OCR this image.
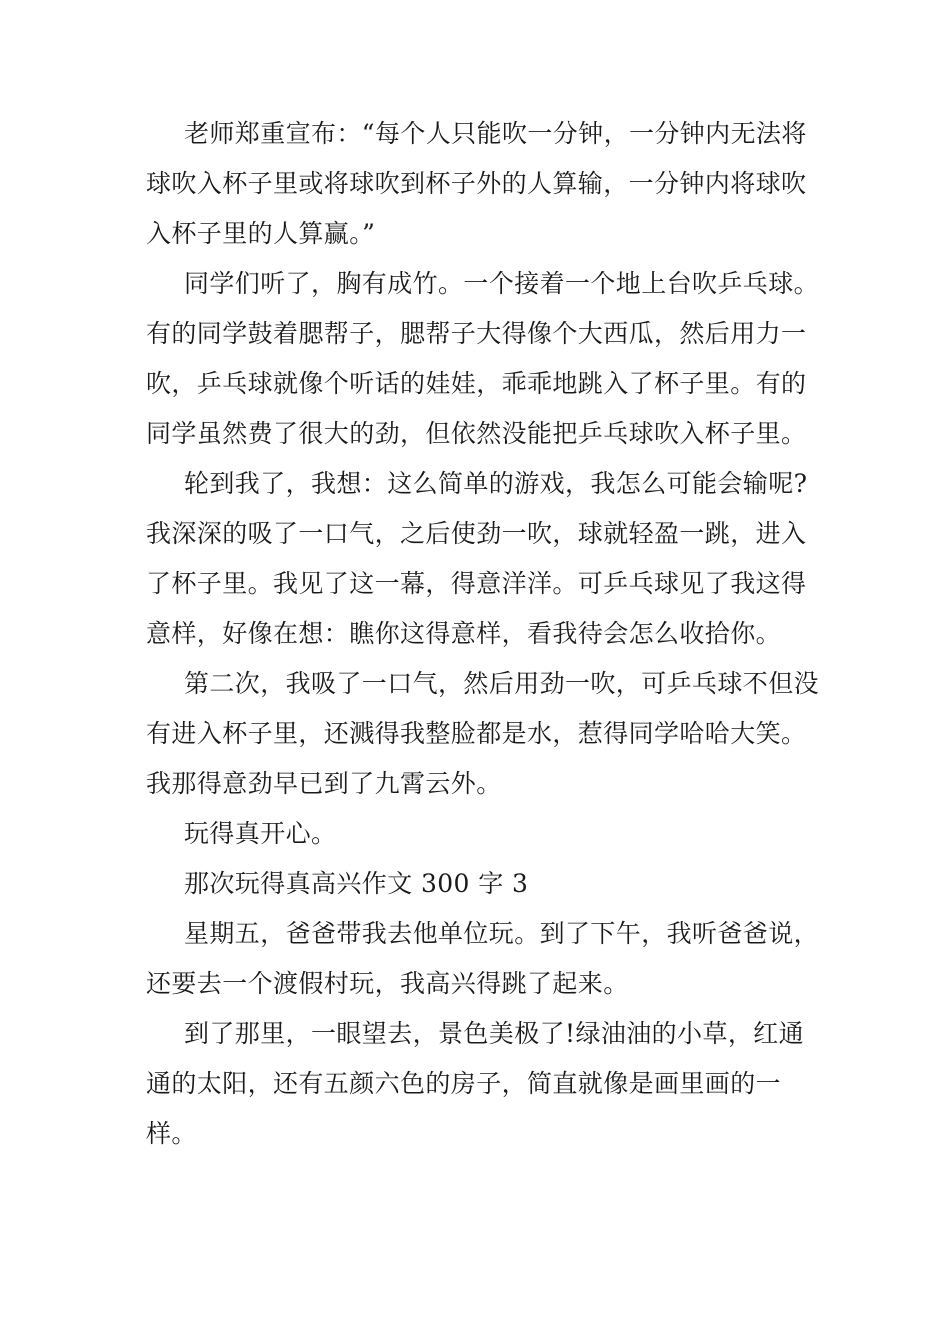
老师郑重宣布：“每个人只能吹一分钟，一分钟内无法将
球吹入杯子里或将球吹到杯子外的人算输，一分钟内将球吹
入杯子里的人算赢。”
同学们听了，胸有成竹。一个接着一个地上台吹乒乓球。
有的同学鼓着腮帮子，腮帮子大得像个大西瓜，然后用力一
吹，乒乓球就像个听话的娃娃，乖乖地跳入了杯子里。有的
同学虽然费了很大的劲，但依然没能把乒乓球吹入杯子里。
轮到我了，我想：这么简单的游戏，我怎么可能会输呢?
我深深的吸了一口气，之后使劲一吹，球就轻盈一跳，进入
了杯子里。我见了这一幕，得意洋洋。可乒乓球见了我这得
意样，好像在想：瞧你这得意样，看我待会怎么收拾你。
第二次，我吸了一口气，然后用劲一吹，可乒乓球不但没
有进入杯子里，还溅得我整脸都是水，惹得同学哈哈大笑。
我那得意劲早已到了九霄云外。
玩得真开心。
那次玩得真高兴作文 300 字 3
星期五，爸爸带我去他单位玩。到了下午，我听爸爸说，
还要去一个渡假村玩，我高兴得跳了起来。
到了那里，一眼望去，景色美极了!绿油油的小草，红通
通的太阳，还有五颜六色的房子，简直就像是画里画的一
样。
